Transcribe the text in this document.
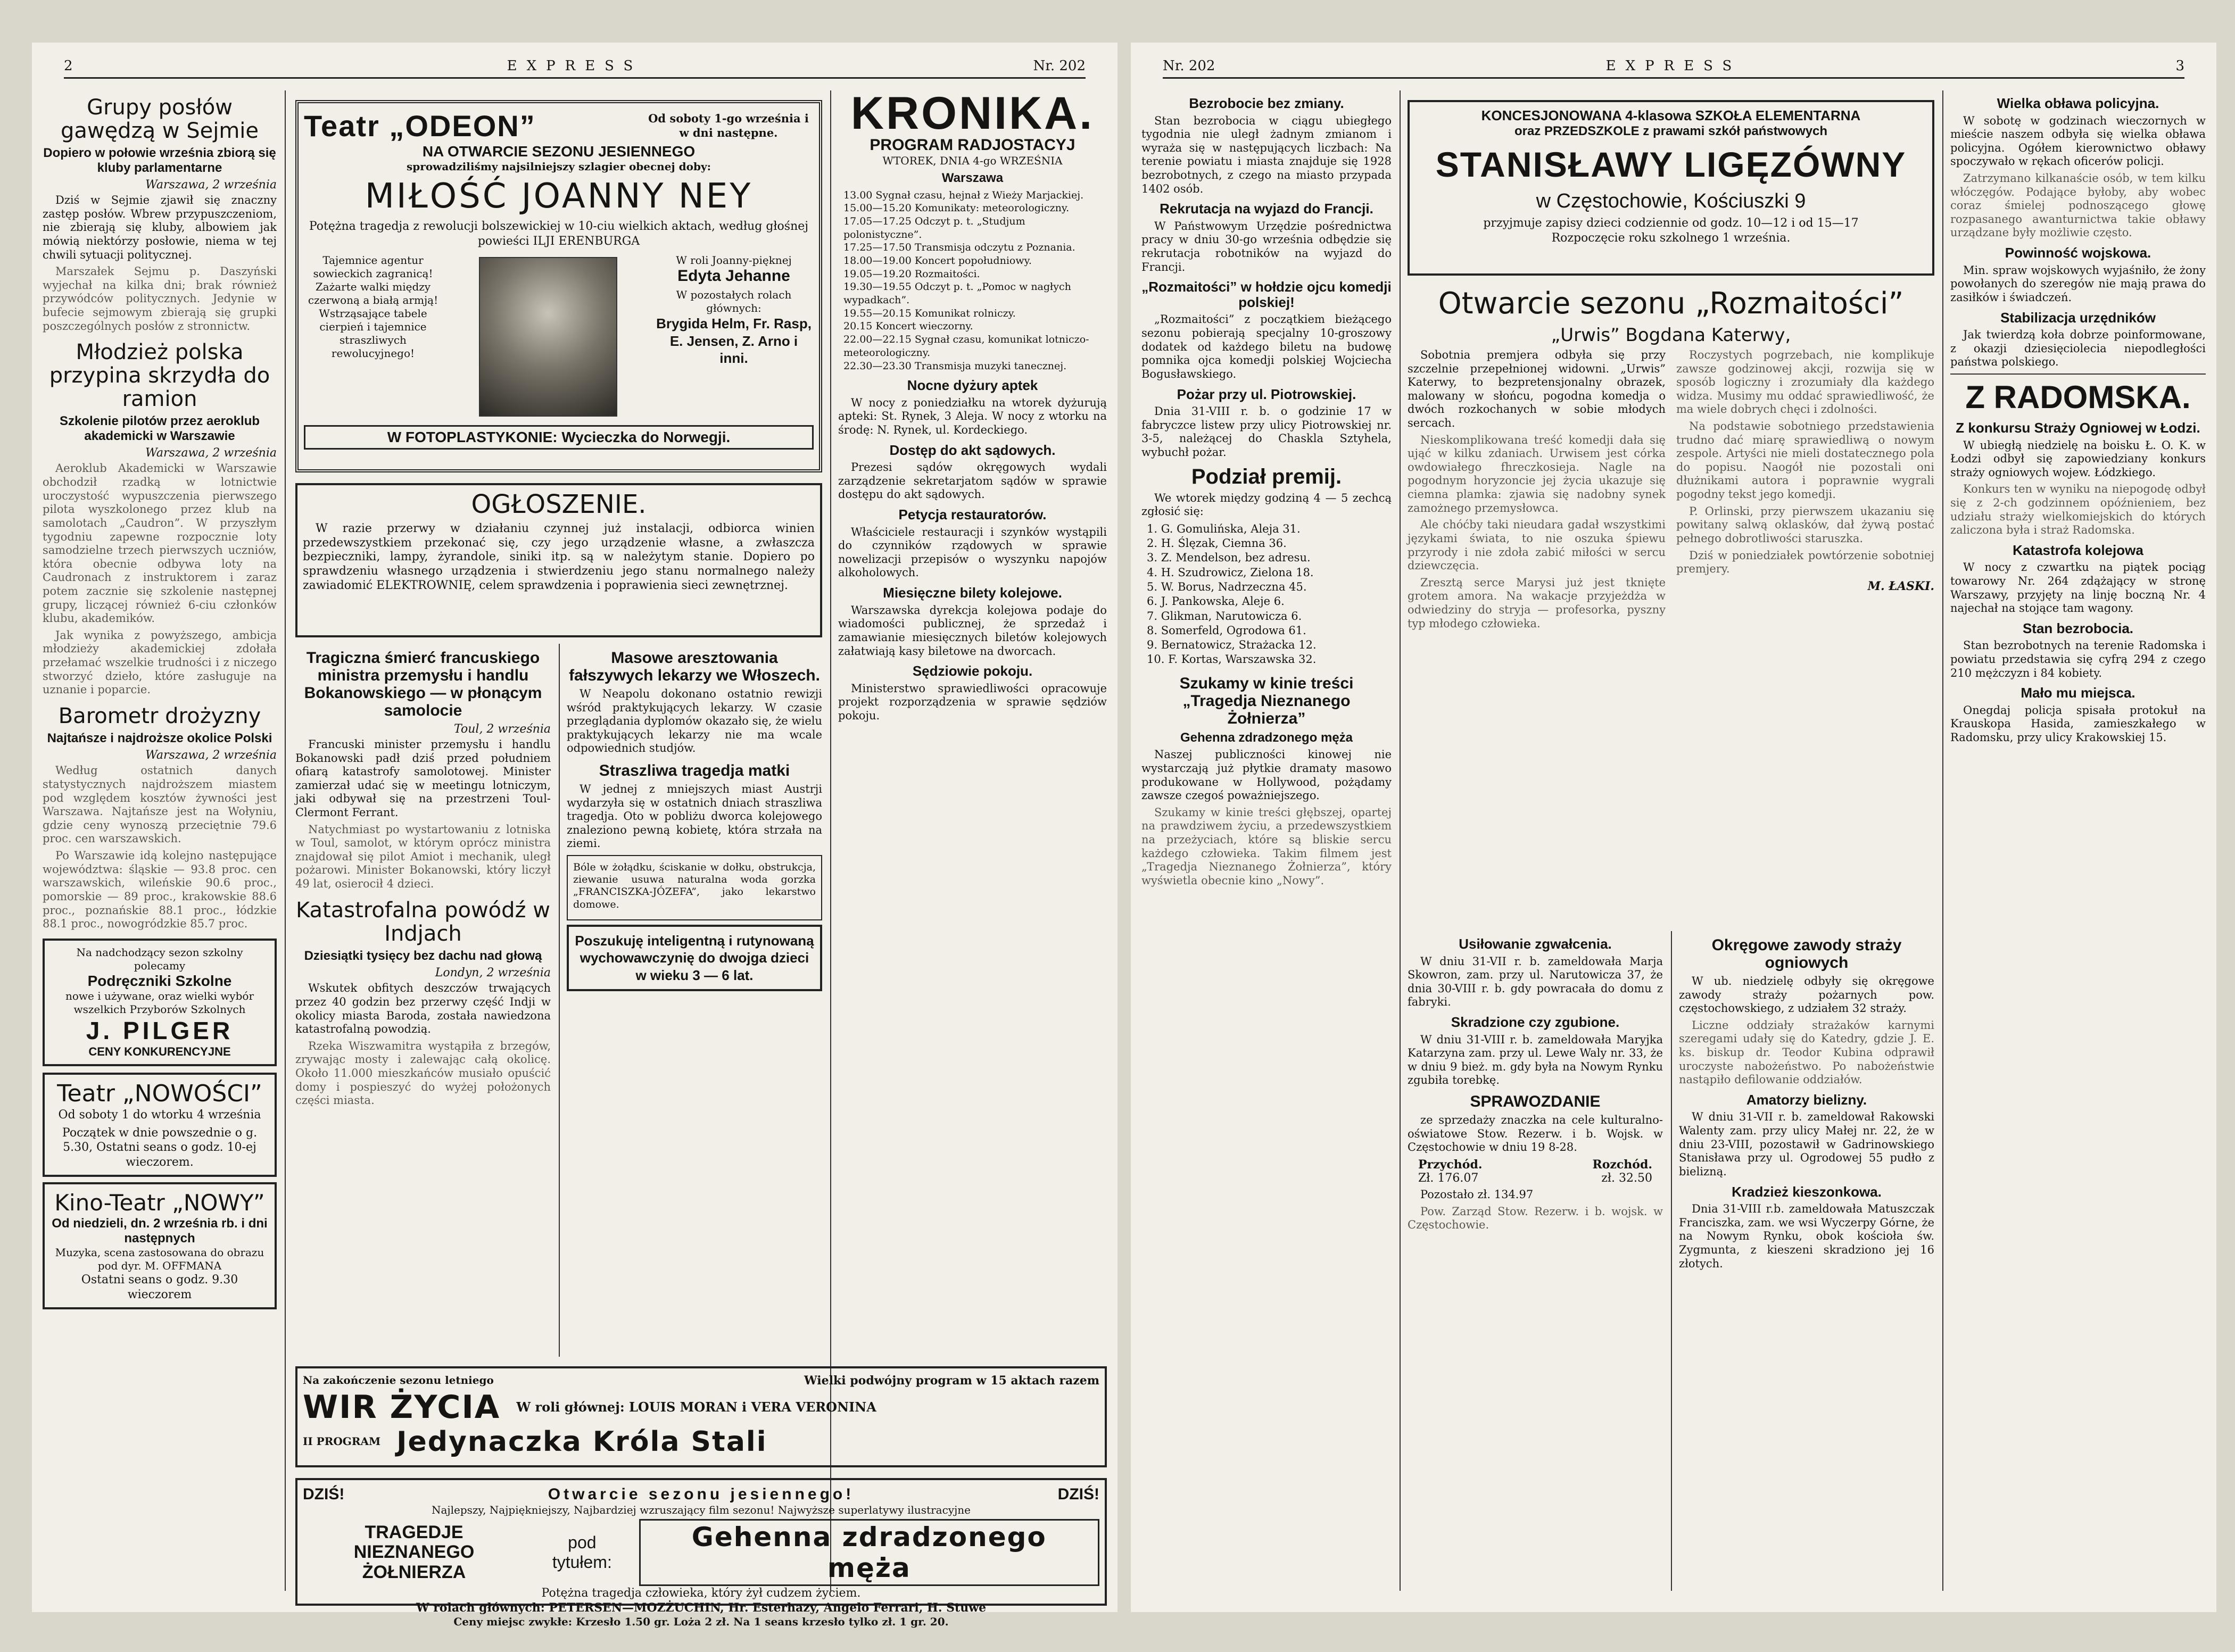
2	EXPRESS	Nr. 202
Grupy posłów gawędzą w Sejmie
Dopiero w połowie września zbiorą się kluby parlamentarne
Warszawa, 2 września

Dziś w Sejmie zjawił się znaczny zastęp posłów. Wbrew przypuszczeniom, nie zbierają się kluby, albowiem jak mówią niektórzy posłowie, niema w tej chwili sytuacji politycznej.

Marszałek Sejmu p. Daszyński wyjechał na kilka dni; brak również przywódców politycznych. Jedynie w bufecie sejmowym zbierają się grupki poszczególnych posłów z stronnictw.

Młodzież polska przypina skrzydła do ramion
Szkolenie pilotów przez aeroklub akademicki w Warszawie
Warszawa, 2 września

Aeroklub Akademicki w Warszawie obchodził rzadką w lotnictwie uroczystość wypuszczenia pierwszego pilota wyszkolonego przez klub na samolotach „Caudron”. W przyszłym tygodniu zapewne rozpocznie loty samodzielne trzech pierwszych uczniów, która obecnie odbywa loty na Caudronach z instruktorem i zaraz potem zacznie się szkolenie następnej grupy, liczącej również 6-ciu członków klubu, akademików.

Jak wynika z powyższego, ambicja młodzieży akademickiej zdołała przełamać wszelkie trudności i z niczego stworzyć dzieło, które zasługuje na uznanie i poparcie.

Barometr drożyzny
Najtańsze i najdroższe okolice Polski
Warszawa, 2 września

Według ostatnich danych statystycznych najdroższem miastem pod względem kosztów żywności jest Warszawa. Najtańsze jest na Wołyniu, gdzie ceny wynoszą przeciętnie 79.6 proc. cen warszawskich.

Po Warszawie idą kolejno następujące województwa: śląskie — 93.8 proc. cen warszawskich, wileńskie 90.6 proc., pomorskie — 89 proc., krakowskie 88.6 proc., poznańskie 88.1 proc., łódzkie 88.1 proc., nowogródzkie 85.7 proc.

Na nadchodzący sezon szkolny polecamy
Podręczniki Szkolne
nowe i używane, oraz wielki wybór wszelkich Przyborów Szkolnych
J. PILGER
CENY KONKURENCYJNE
Teatr „NOWOŚCI”
Od soboty 1 do wtorku 4 września
Początek w dnie powszednie o g. 5.30, Ostatni seans o godz. 10-ej wieczorem.
Kino-Teatr „NOWY”
Od niedzieli, dn. 2 września rb. i dni następnych
Muzyka, scena zastosowana do obrazu pod dyr. M. OFFMANA
Ostatni seans o godz. 9.30 wieczorem
Teatr „ODEON”	Od soboty 1-go września i w dni następne.
NA OTWARCIE SEZONU JESIENNEGO
sprowadziliśmy najsilniejszy szlagier obecnej doby:
MIŁOŚĆ JOANNY NEY
Potężna tragedja z rewolucji bolszewickiej w 10-ciu wielkich aktach, według głośnej powieści ILJI ERENBURGA
Tajemnice agentur sowieckich zagranicą! Zażarte walki między czerwoną a białą armją! Wstrząsające tabele cierpień i tajemnice straszliwych rewolucyjnego!
W roli Joanny-pięknej
Edyta Jehanne
W pozostałych rolach głównych:
Brygida Helm, Fr. Rasp, E. Jensen, Z. Arno i inni.
W FOTOPLASTYKONIE: Wycieczka do Norwegji.
OGŁOSZENIE.

W razie przerwy w działaniu czynnej już instalacji, odbiorca winien przedewszystkiem przekonać się, czy jego urządzenie własne, a zwłaszcza bezpieczniki, lampy, żyrandole, siniki itp. są w należytym stanie. Dopiero po sprawdzeniu własnego urządzenia i stwierdzeniu jego stanu normalnego należy zawiadomić ELEKTROWNIĘ, celem sprawdzenia i poprawienia sieci zewnętrznej.

Tragiczna śmierć francuskiego ministra przemysłu i handlu Bokanowskiego — w płonącym samolocie
Toul, 2 września

Francuski minister przemysłu i handlu Bokanowski padł dziś przed południem ofiarą katastrofy samolotowej. Minister zamierzał udać się w meetingu lotniczym, jaki odbywał się na przestrzeni Toul-Clermont Ferrant.

Natychmiast po wystartowaniu z lotniska w Toul, samolot, w którym oprócz ministra znajdował się pilot Amiot i mechanik, uległ pożarowi. Minister Bokanowski, który liczył 49 lat, osierocił 4 dzieci.

Katastrofalna powódź w Indjach
Dziesiątki tysięcy bez dachu nad głową
Londyn, 2 września

Wskutek obfitych deszczów trwających przez 40 godzin bez przerwy część Indji w okolicy miasta Baroda, została nawiedzona katastrofalną powodzią.

Rzeka Wiszwamitra wystąpiła z brzegów, zrywając mosty i zalewając całą okolicę. Około 11.000 mieszkańców musiało opuścić domy i pospieszyć do wyżej położonych części miasta.

Masowe aresztowania fałszywych lekarzy we Włoszech.

W Neapolu dokonano ostatnio rewizji wśród praktykujących lekarzy. W czasie przeglądania dyplomów okazało się, że wielu praktykujących lekarzy nie ma wcale odpowiednich studjów.

Straszliwa tragedja matki

W jednej z mniejszych miast Austrji wydarzyła się w ostatnich dniach straszliwa tragedja. Oto w pobliżu dworca kolejowego znaleziono pewną kobietę, która strzała na ziemi.

Bóle w żołądku, ściskanie w dołku, obstrukcja, ziewanie usuwa naturalna woda gorzka „FRANCISZKA-JÓZEFA”, jako lekarstwo domowe.

Poszukuję inteligentną i rutynowaną wychowawczynię do dwojga dzieci w wieku 3 — 6 lat.
KRONIKA.
PROGRAM RADJOSTACYJ
WTOREK, DNIA 4-go WRZEŚNIA
Warszawa
13.00 Sygnał czasu, hejnał z Wieży Marjackiej.
15.00—15.20 Komunikaty: meteorologiczny.
17.05—17.25 Odczyt p. t. „Studjum polonistyczne”.
17.25—17.50 Transmisja odczytu z Poznania.
18.00—19.00 Koncert popołudniowy.
19.05—19.20 Rozmaitości.
19.30—19.55 Odczyt p. t. „Pomoc w nagłych wypadkach”.
19.55—20.15 Komunikat rolniczy.
20.15 Koncert wieczorny.
22.00—22.15 Sygnał czasu, komunikat lotniczo-meteorologiczny.
22.30—23.30 Transmisja muzyki tanecznej.
Nocne dyżury aptek

W nocy z poniedziałku na wtorek dyżurują apteki: St. Rynek, 3 Aleja. W nocy z wtorku na środę: N. Rynek, ul. Kordeckiego.

Dostęp do akt sądowych.

Prezesi sądów okręgowych wydali zarządzenie sekretarjatom sądów w sprawie dostępu do akt sądowych.

Petycja restauratorów.

Właściciele restauracji i szynków wystąpili do czynników rządowych w sprawie nowelizacji przepisów o wyszynku napojów alkoholowych.

Miesięczne bilety kolejowe.

Warszawska dyrekcja kolejowa podaje do wiadomości publicznej, że sprzedaż i zamawianie miesięcznych biletów kolejowych załatwiają kasy biletowe na dworcach.

Sędziowie pokoju.

Ministerstwo sprawiedliwości opracowuje projekt rozporządzenia w sprawie sędziów pokoju.

Na zakończenie sezonu letniego	Wielki podwójny program w 15 aktach razem
WIR ŻYCIA W roli głównej: LOUIS MORAN i VERA VERONINA
II PROGRAM Jedynaczka Króla Stali
DZIŚ!	Otwarcie sezonu jesiennego!	DZIŚ!
Najlepszy, Najpiękniejszy, Najbardziej wzruszający film sezonu! Najwyższe superlatywy ilustracyjne
TRAGEDJE NIEZNANEGO ŻOŁNIERZA
pod tytułem:
Gehenna zdradzonego męża
Potężna tragedja człowieka, który żył cudzem życiem.
W rolach głównych: PETERSEN—MOZŻUCHIN, Hr. Esterhazy, Angelo Ferrari, H. Stuwe
Ceny miejsc zwykłe: Krzesło 1.50 gr. Loża 2 zł. Na 1 seans krzesło tylko zł. 1 gr. 20.
Nr. 202	EXPRESS	3
Bezrobocie bez zmiany.

Stan bezrobocia w ciągu ubiegłego tygodnia nie uległ żadnym zmianom i wyraża się w następujących liczbach: Na terenie powiatu i miasta znajduje się 1928 bezrobotnych, z czego na miasto przypada 1402 osób.

Rekrutacja na wyjazd do Francji.

W Państwowym Urzędzie pośrednictwa pracy w dniu 30-go września odbędzie się rekrutacja robotników na wyjazd do Francji.

„Rozmaitości” w hołdzie ojcu komedji polskiej!

„Rozmaitości” z początkiem bieżącego sezonu pobierają specjalny 10-groszowy dodatek od każdego biletu na budowę pomnika ojca komedji polskiej Wojciecha Bogusławskiego.

Pożar przy ul. Piotrowskiej.

Dnia 31-VIII r. b. o godzinie 17 w fabryczce listew przy ulicy Piotrowskiej nr. 3-5, należącej do Chaskla Sztyhela, wybuchł pożar.

Podział premij.

We wtorek między godziną 4 — 5 zechcą zgłosić się:

1. G. Gomulińska, Aleja 31.
2. H. Ślęzak, Ciemna 36.
3. Z. Mendelson, bez adresu.
4. H. Szudrowicz, Zielona 18.
5. W. Borus, Nadrzeczna 45.
6. J. Pankowska, Aleje 6.
7. Glikman, Narutowicza 6.
8. Somerfeld, Ogrodowa 61.
9. Bernatowicz, Strażacka 12.
10. F. Kortas, Warszawska 32.
Szukamy w kinie treści „Tragedja Nieznanego Żołnierza”
Gehenna zdradzonego męża

Naszej publiczności kinowej nie wystarczają już płytkie dramaty masowo produkowane w Hollywood, pożądamy zawsze czegoś poważniejszego.

Szukamy w kinie treści głębszej, opartej na prawdziwem życiu, a przedewszystkiem na przeżyciach, które są bliskie sercu każdego człowieka. Takim filmem jest „Tragedja Nieznanego Żołnierza”, który wyświetla obecnie kino „Nowy”.

KONCESJONOWANA 4-klasowa SZKOŁA ELEMENTARNA
oraz PRZEDSZKOLE z prawami szkół państwowych
STANISŁAWY LIGĘZÓWNY
w Częstochowie, Kościuszki 9
przyjmuje zapisy dzieci codziennie od godz. 10—12 i od 15—17
Rozpoczęcie roku szkolnego 1 września.
Otwarcie sezonu „Rozmaitości”
„Urwis” Bogdana Katerwy,

Sobotnia premjera odbyła się przy szczelnie przepełnionej widowni. „Urwis” Katerwy, to bezpretensjonalny obrazek, malowany w słońcu, pogodna komedja o dwóch rozkochanych w sobie młodych sercach.

Nieskomplikowana treść komedji dała się ująć w kilku zdaniach. Urwisem jest córka owdowiałego fhreczkosieja. Nagle na pogodnym horyzoncie jej życia ukazuje się ciemna plamka: zjawia się nadobny synek zamożnego przemysłowca.

Ale chóćby taki nieudara gadał wszystkimi językami świata, to nie oszuka śpiewu przyrody i nie zdoła zabić miłości w sercu dziewczęcia.

Zresztą serce Marysi już jest tknięte grotem amora. Na wakacje przyjeżdża w odwiedziny do stryja — profesorka, pyszny typ młodego człowieka.

Roczystych pogrzebach, nie komplikuje zawsze godzinowej akcji, rozwija się w sposób logiczny i zrozumiały dla każdego widza. Musimy mu oddać sprawiedliwość, że ma wiele dobrych chęci i zdolności.

Na podstawie sobotniego przedstawienia trudno dać miarę sprawiedliwą o nowym zespole. Artyści nie mieli dostatecznego pola do popisu. Naogół nie pozostali oni dłużnikami autora i poprawnie wygrali pogodny tekst jego komedji.

P. Orlinski, przy pierwszem ukazaniu się powitany salwą oklasków, dał żywą postać pełnego dobrotliwości staruszka.

Dziś w poniedziałek powtórzenie sobotniej premjery.

M. ŁASKI.
Usiłowanie zgwałcenia.

W dniu 31-VII r. b. zameldowała Marja Skowron, zam. przy ul. Narutowicza 37, że dnia 30-VIII r. b. gdy powracała do domu z fabryki.

Skradzione czy zgubione.

W dniu 31-VIII r. b. zameldowała Maryjka Katarzyna zam. przy ul. Lewe Waly nr. 33, że w dniu 9 bież. m. gdy była na Nowym Rynku zgubiła torebkę.

SPRAWOZDANIE

ze sprzedaży znaczka na cele kulturalno-oświatowe Stow. Rezerw. i b. Wojsk. w Częstochowie w dniu 19 8-28.

Przychód.	Rozchód.
Zł. 176.07	zł. 32.50

Pozostało zł. 134.97

Pow. Zarząd Stow. Rezerw. i b. wojsk. w Częstochowie.

Okręgowe zawody straży ogniowych

W ub. niedzielę odbyły się okręgowe zawody straży pożarnych pow. częstochowskiego, z udziałem 32 straży.

Liczne oddziały strażaków karnymi szeregami udały się do Katedry, gdzie J. E. ks. biskup dr. Teodor Kubina odprawił uroczyste nabożeństwo. Po nabożeństwie nastąpiło defilowanie oddziałów.

Amatorzy bielizny.

W dniu 31-VII r. b. zameldował Rakowski Walenty zam. przy ulicy Małej nr. 22, że w dniu 23-VIII, pozostawił w Gadrinowskiego Stanisława przy ul. Ogrodowej 55 pudło z bielizną.

Kradzież kieszonkowa.

Dnia 31-VIII r.b. zameldowała Matuszczak Franciszka, zam. we wsi Wyczerpy Górne, że na Nowym Rynku, obok kościoła św. Zygmunta, z kieszeni skradziono jej 16 złotych.

Wielka obława policyjna.

W sobotę w godzinach wieczornych w mieście naszem odbyła się wielka obława policyjna. Ogółem kierownictwo obławy spoczywało w rękach oficerów policji.

Zatrzymano kilkanaście osób, w tem kilku włóczęgów. Podające byłoby, aby wobec coraz śmielej podnoszącego głowę rozpasanego awanturnictwa takie obławy urządzane były możliwie często.

Powinność wojskowa.

Min. spraw wojskowych wyjaśniło, że żony powołanych do szeregów nie mają prawa do zasiłków i świadczeń.

Stabilizacja urzędników

Jak twierdzą koła dobrze poinformowane, z okazji dziesięciolecia niepodległości państwa polskiego.

Z RADOMSKA.
Z konkursu Straży Ogniowej w Łodzi.

W ubiegłą niedzielę na boisku Ł. O. K. w Łodzi odbył się zapowiedziany konkurs straży ogniowych wojew. Łódzkiego.

Konkurs ten w wyniku na niepogodę odbył się z 2-ch godzinnem opóźnieniem, bez udziału straży wielkomiejskich do których zaliczona była i straż Radomska.

Katastrofa kolejowa

W nocy z czwartku na piątek pociąg towarowy Nr. 264 zdążający w stronę Warszawy, przyjęty na linję boczną Nr. 4 najechał na stojące tam wagony.

Stan bezrobocia.

Stan bezrobotnych na terenie Radomska i powiatu przedstawia się cyfrą 294 z czego 210 mężczyzn i 84 kobiety.

Mało mu miejsca.

Onegdaj policja spisała protokuł na Krauskopa Hasida, zamieszkałego w Radomsku, przy ulicy Krakowskiej 15.
